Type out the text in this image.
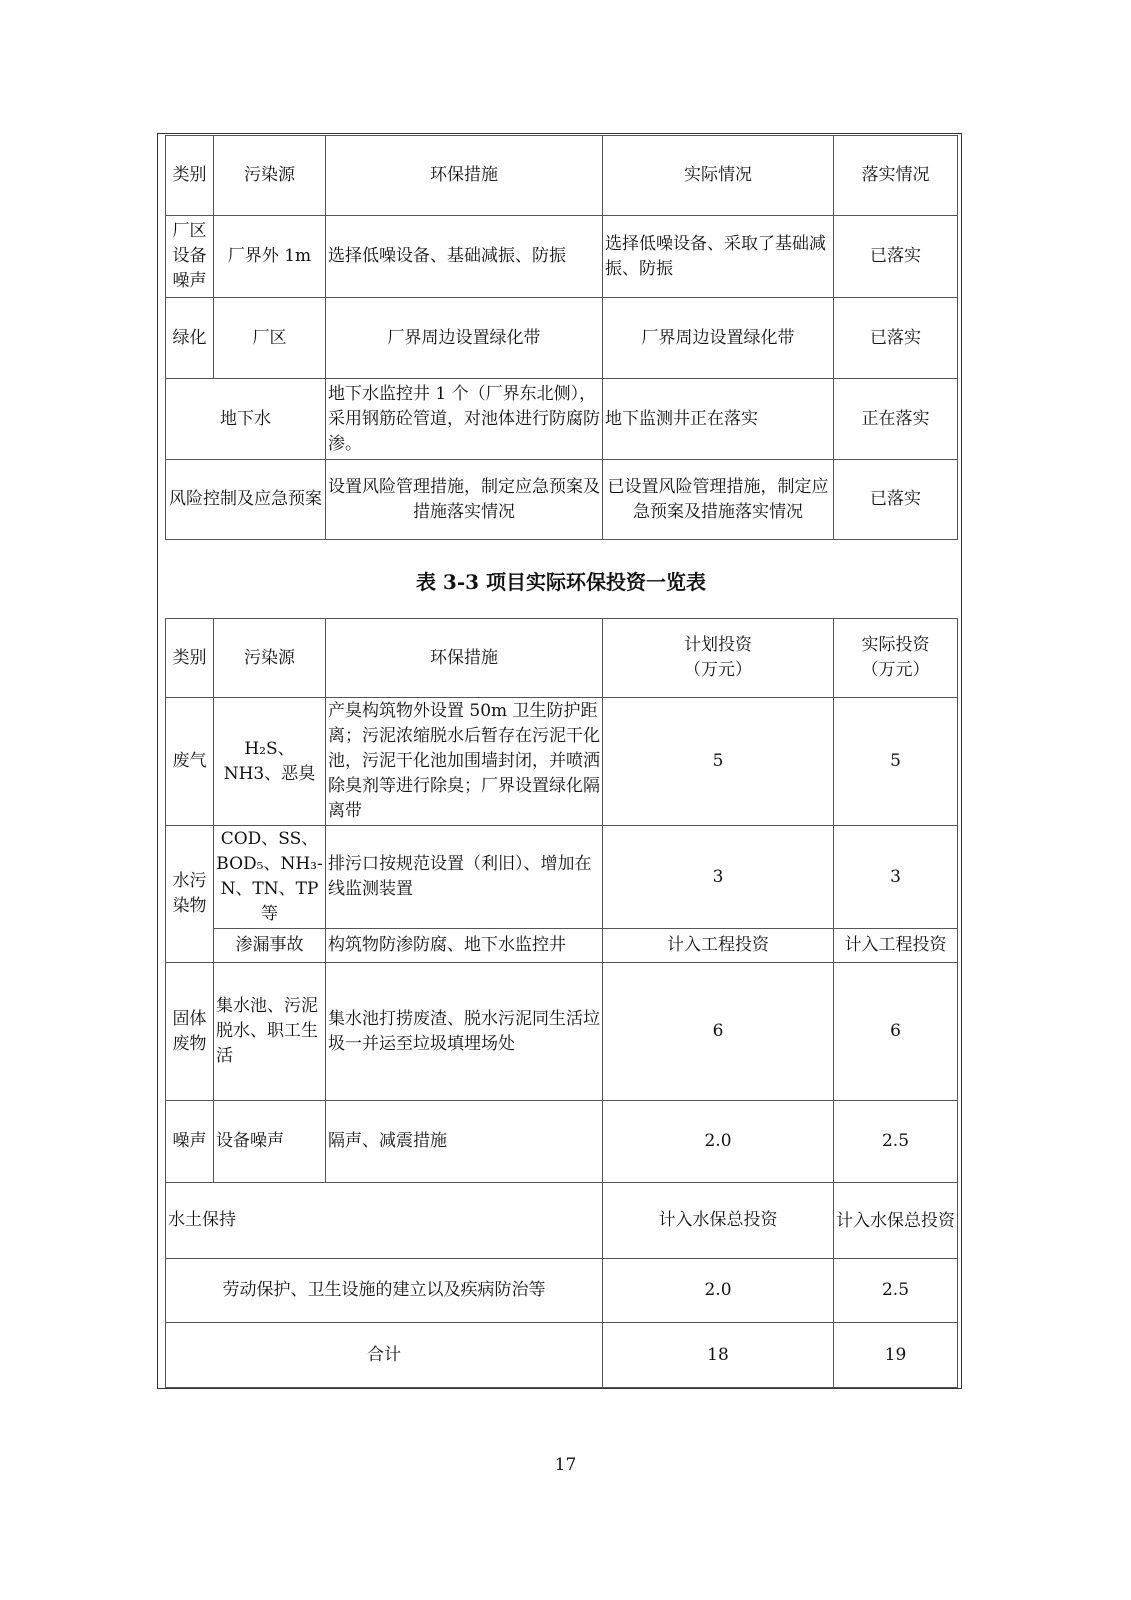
类别	污染源	环保措施	实际情况	落实情况
厂区设备噪声	厂界外 1m	选择低噪设备、基础减振、防振	选择低噪设备、采取了基础减振、防振	已落实
绿化	厂区	厂界周边设置绿化带	厂界周边设置绿化带	已落实
地下水		地下水监控井 1 个（厂界东北侧），采用钢筋砼管道，对池体进行防腐防渗。	地下监测井正在落实	正在落实
风险控制及应急预案		设置风险管理措施，制定应急预案及措施落实情况	已设置风险管理措施，制定应急预案及措施落实情况	已落实
表 3-3 项目实际环保投资一览表
类别	污染源	环保措施	计划投资（万元）	实际投资（万元）
废气	H₂S、NH3、恶臭	产臭构筑物外设置 50m 卫生防护距离；污泥浓缩脱水后暂存在污泥干化池，污泥干化池加围墙封闭，并喷洒除臭剂等进行除臭；厂界设置绿化隔离带	5	5
水污染物	COD、SS、BOD₅、NH₃-N、TN、TP 等	排污口按规范设置（利旧）、增加在线监测装置	3	3
	渗漏事故	构筑物防渗防腐、地下水监控井	计入工程投资	计入工程投资
固体废物	集水池、污泥脱水、职工生活	集水池打捞废渣、脱水污泥同生活垃圾一并运至垃圾填埋场处	6	6
噪声	设备噪声	隔声、减震措施	2.0	2.5
水土保持			计入水保总投资	计入水保总投资
劳动保护、卫生设施的建立以及疾病防治等			2.0	2.5
合计			18	19
17
